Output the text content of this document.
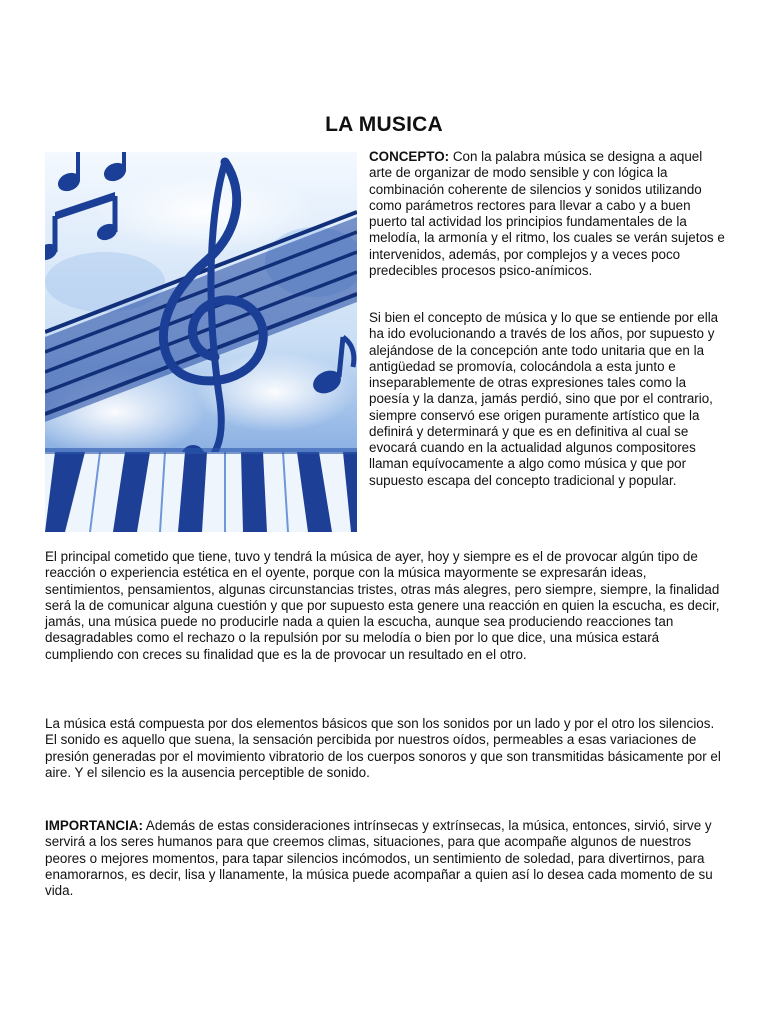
LA MUSICA

CONCEPTO: Con la palabra música se designa a aquel arte de organizar de modo sensible y con lógica la combinación coherente de silencios y sonidos utilizando como parámetros rectores para llevar a cabo y a buen puerto tal actividad los principios fundamentales de la melodía, la armonía y el ritmo, los cuales se verán sujetos e intervenidos, además, por complejos y a veces poco predecibles procesos psico-anímicos.

Si bien el concepto de música y lo que se entiende por ella ha ido evolucionando a través de los años, por supuesto y alejándose de la concepción ante todo unitaria que en la antigüedad se promovía, colocándola a esta junto e inseparablemente de otras expresiones tales como la poesía y la danza, jamás perdió, sino que por el contrario, siempre conservó ese origen puramente artístico que la definirá y determinará y que es en definitiva al cual se evocará cuando en la actualidad algunos compositores llaman equívocamente a algo como música y que por supuesto escapa del concepto tradicional y popular.

El principal cometido que tiene, tuvo y tendrá la música de ayer, hoy y siempre es el de provocar algún tipo de reacción o experiencia estética en el oyente, porque con la música mayormente se expresarán ideas, sentimientos, pensamientos, algunas circunstancias tristes, otras más alegres, pero siempre, siempre, la finalidad será la de comunicar alguna cuestión y que por supuesto esta genere una reacción en quien la escucha, es decir, jamás, una música puede no producirle nada a quien la escucha, aunque sea produciendo reacciones tan desagradables como el rechazo o la repulsión por su melodía o bien por lo que dice, una música estará cumpliendo con creces su finalidad que es la de provocar un resultado en el otro.

La música está compuesta por dos elementos básicos que son los sonidos por un lado y por el otro los silencios. El sonido es aquello que suena, la sensación percibida por nuestros oídos, permeables a esas variaciones de presión generadas por el movimiento vibratorio de los cuerpos sonoros y que son transmitidas básicamente por el aire. Y el silencio es la ausencia perceptible de sonido.

IMPORTANCIA: Además de estas consideraciones intrínsecas y extrínsecas, la música, entonces, sirvió, sirve y servirá a los seres humanos para que creemos climas, situaciones, para que acompañe algunos de nuestros peores o mejores momentos, para tapar silencios incómodos, un sentimiento de soledad, para divertirnos, para enamorarnos, es decir, lisa y llanamente, la música puede acompañar a quien así lo desea cada momento de su vida.
